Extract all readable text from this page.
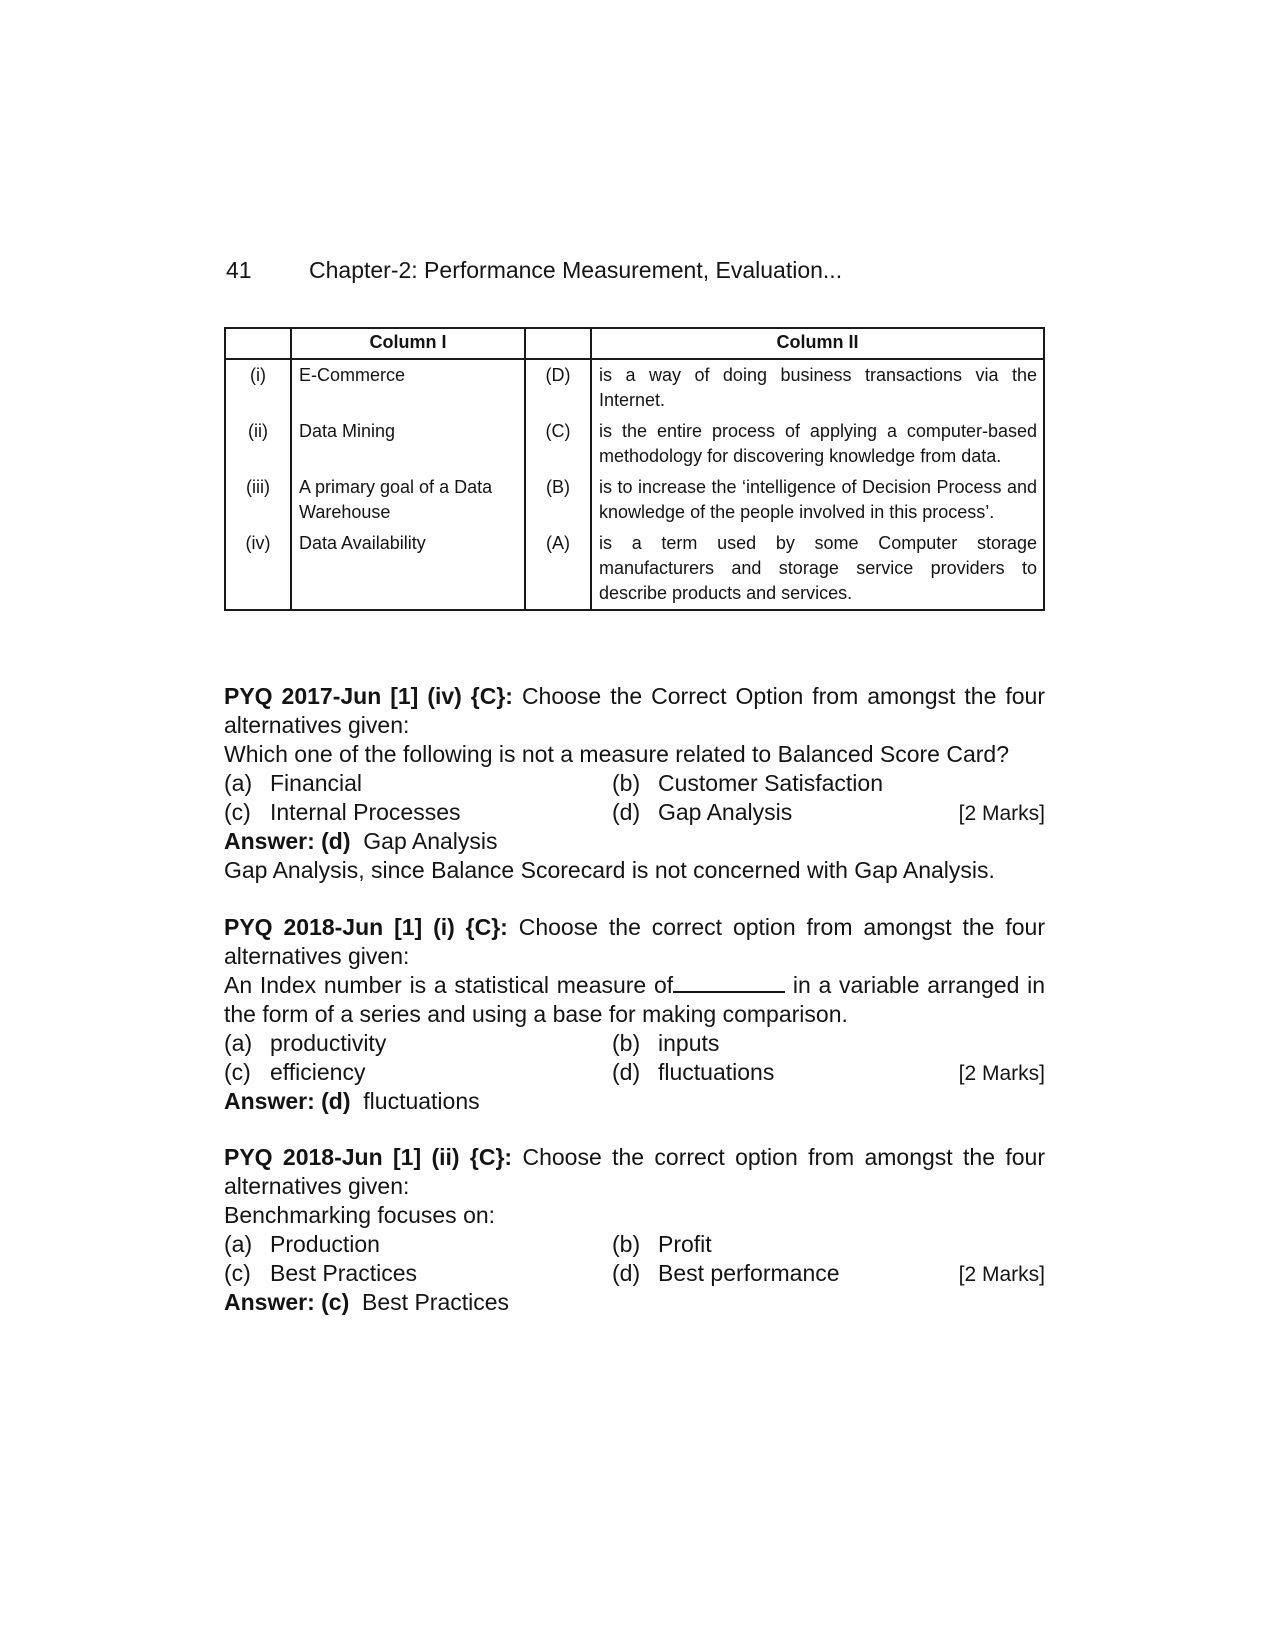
41 Chapter-2: Performance Measurement, Evaluation...
	Column I		Column II
(i)	E-Commerce	(D)	is a way of doing business transactions via the Internet.
(ii)	Data Mining	(C)	is the entire process of applying a computer-based methodology for discovering knowledge from data.
(iii)	A primary goal of a Data Warehouse	(B)	is to increase the ‘intelligence of Decision Process and knowledge of the people involved in this process’.
(iv)	Data Availability	(A)	is a term used by some Computer storage manufacturers and storage service providers to describe products and services.

PYQ 2017-Jun [1] (iv) {C}: Choose the Correct Option from amongst the four alternatives given:

Which one of the following is not a measure related to Balanced Score Card?

(a) Financial	(b) Customer Satisfaction
(c) Internal Processes	(d) Gap Analysis	[2 Marks]

Answer: (d) Gap Analysis

Gap Analysis, since Balance Scorecard is not concerned with Gap Analysis.

PYQ 2018-Jun [1] (i) {C}: Choose the correct option from amongst the four alternatives given:

An Index number is a statistical measure of	in a variable arranged in the form of a series and using a base for making comparison.

(a) productivity	(b) inputs
(c) efficiency	(d) fluctuations	[2 Marks]

Answer: (d) fluctuations

PYQ 2018-Jun [1] (ii) {C}: Choose the correct option from amongst the four alternatives given:

Benchmarking focuses on:

(a) Production	(b) Profit
(c) Best Practices	(d) Best performance	[2 Marks]

Answer: (c) Best Practices
